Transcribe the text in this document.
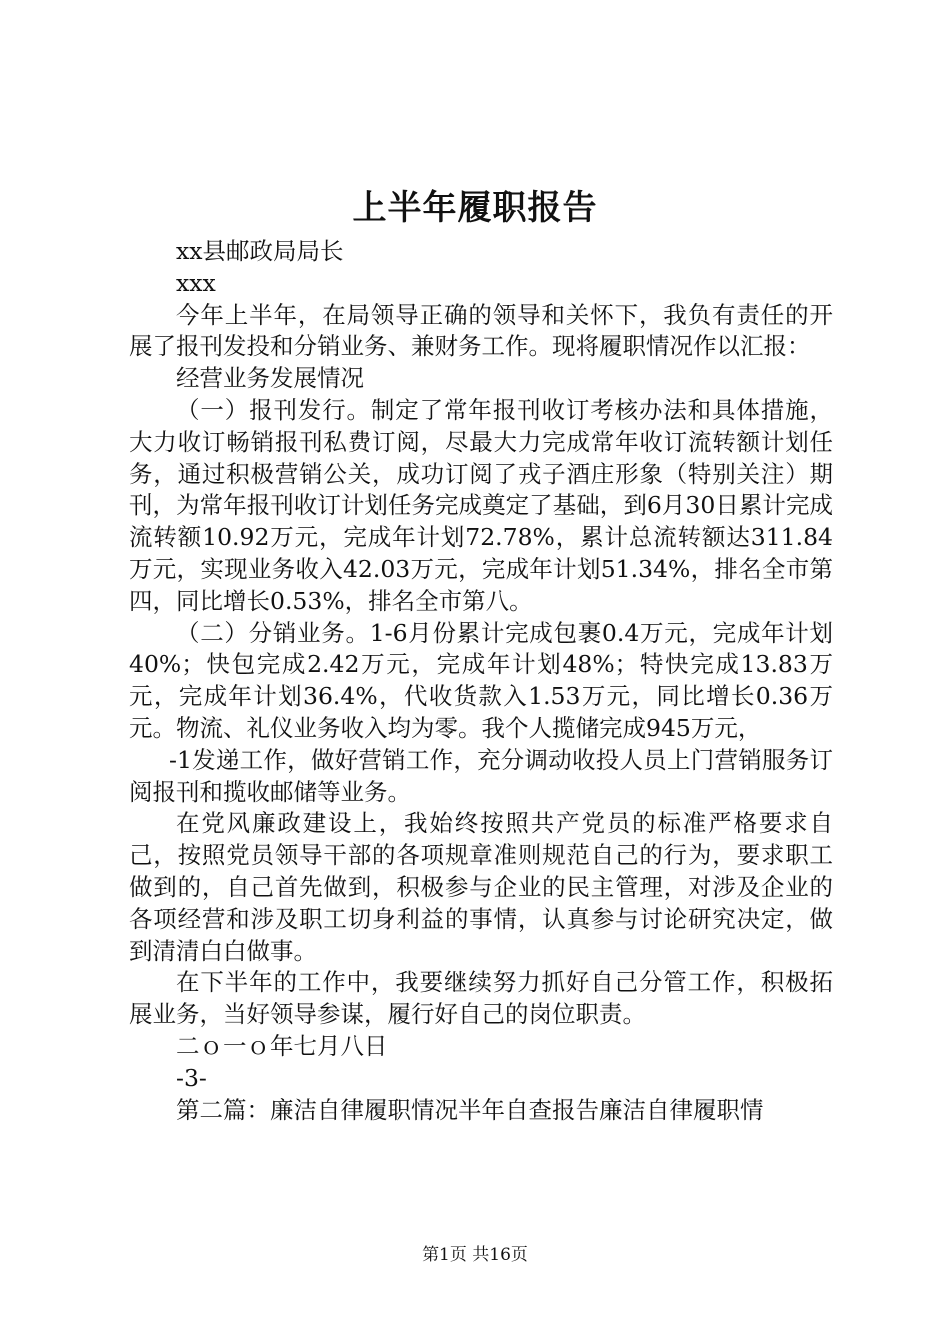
上半年履职报告

xx县邮政局局长

xxx

今年上半年，在局领导正确的领导和关怀下，我负有责任的开展了报刊发投和分销业务、兼财务工作。现将履职情况作以汇报：

经营业务发展情况

（一）报刊发行。制定了常年报刊收订考核办法和具体措施，大力收订畅销报刊私费订阅，尽最大力完成常年收订流转额计划任务，通过积极营销公关，成功订阅了戎子酒庄形象（特别关注）期刊，为常年报刊收订计划任务完成奠定了基础，到6月30日累计完成流转额10.92万元，完成年计划72.78%，累计总流转额达311.84万元，实现业务收入42.03万元，完成年计划51.34%，排名全市第四，同比增长0.53%，排名全市第八。

（二）分销业务。1-6月份累计完成包裹0.4万元，完成年计划40%；快包完成2.42万元，完成年计划48%；特快完成13.83万元，完成年计划36.4%，代收货款入1.53万元，同比增长0.36万元。物流、礼仪业务收入均为零。我个人揽储完成945万元，

-1发递工作，做好营销工作，充分调动收投人员上门营销服务订阅报刊和揽收邮储等业务。

在党风廉政建设上，我始终按照共产党员的标准严格要求自己，按照党员领导干部的各项规章准则规范自己的行为，要求职工做到的，自己首先做到，积极参与企业的民主管理，对涉及企业的各项经营和涉及职工切身利益的事情，认真参与讨论研究决定，做到清清白白做事。

在下半年的工作中，我要继续努力抓好自己分管工作，积极拓展业务，当好领导参谋，履行好自己的岗位职责。

二ｏ一ｏ年七月八日

-3-

第二篇：廉洁自律履职情况半年自查报告廉洁自律履职情

第1页 共16页
